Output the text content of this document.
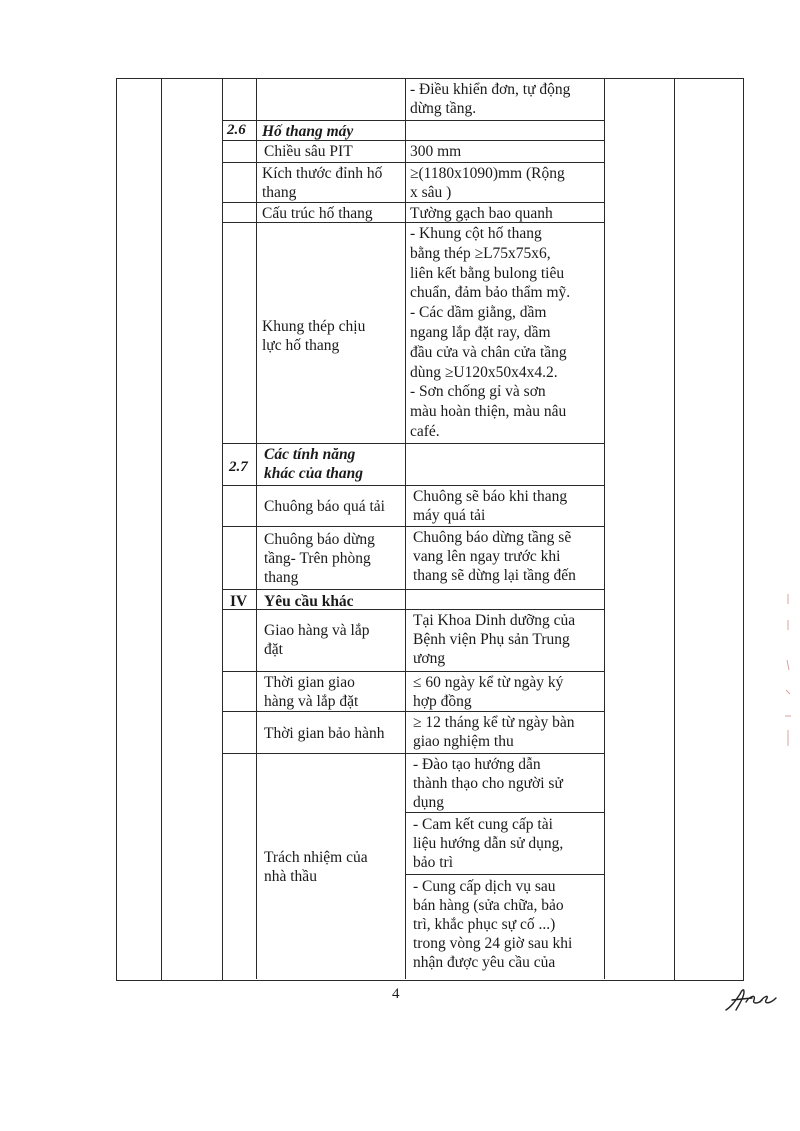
- Điều khiển đơn, tự động
dừng tầng.
2.6 Hố thang máy
Chiều sâu PIT	300 mm
Kích thước đỉnh hố
thang
≥(1180x1090)mm (Rộng
x sâu )
Cấu trúc hố thang	Tường gạch bao quanh
Khung thép chịu
lực hố thang
- Khung cột hố thang
bằng thép ≥L75x75x6,
liên kết bằng bulong tiêu
chuẩn, đảm bảo thẩm mỹ.
- Các dầm giằng, dầm
ngang lắp đặt ray, dầm
đầu cửa và chân cửa tầng
dùng ≥U120x50x4x4.2.
- Sơn chống gỉ và sơn
màu hoàn thiện, màu nâu
café.
2.7
Các tính năng
khác của thang
Chuông báo quá tải
Chuông sẽ báo khi thang
máy quá tải
Chuông báo dừng
tầng- Trên phòng
thang
Chuông báo dừng tầng sẽ
vang lên ngay trước khi
thang sẽ dừng lại tầng đến
IV Yêu cầu khác
Giao hàng và lắp
đặt
Tại Khoa Dinh dưỡng của
Bệnh viện Phụ sản Trung
ương
Thời gian giao
hàng và lắp đặt
≤ 60 ngày kể từ ngày ký
hợp đồng
Thời gian bảo hành
≥ 12 tháng kể từ ngày bàn
giao nghiệm thu
Trách nhiệm của
nhà thầu
- Đào tạo hướng dẫn
thành thạo cho người sử
dụng
- Cam kết cung cấp tài
liệu hướng dẫn sử dụng,
bảo trì
- Cung cấp dịch vụ sau
bán hàng (sửa chữa, bảo
trì, khắc phục sự cố ...)
trong vòng 24 giờ sau khi
nhận được yêu cầu của
4
